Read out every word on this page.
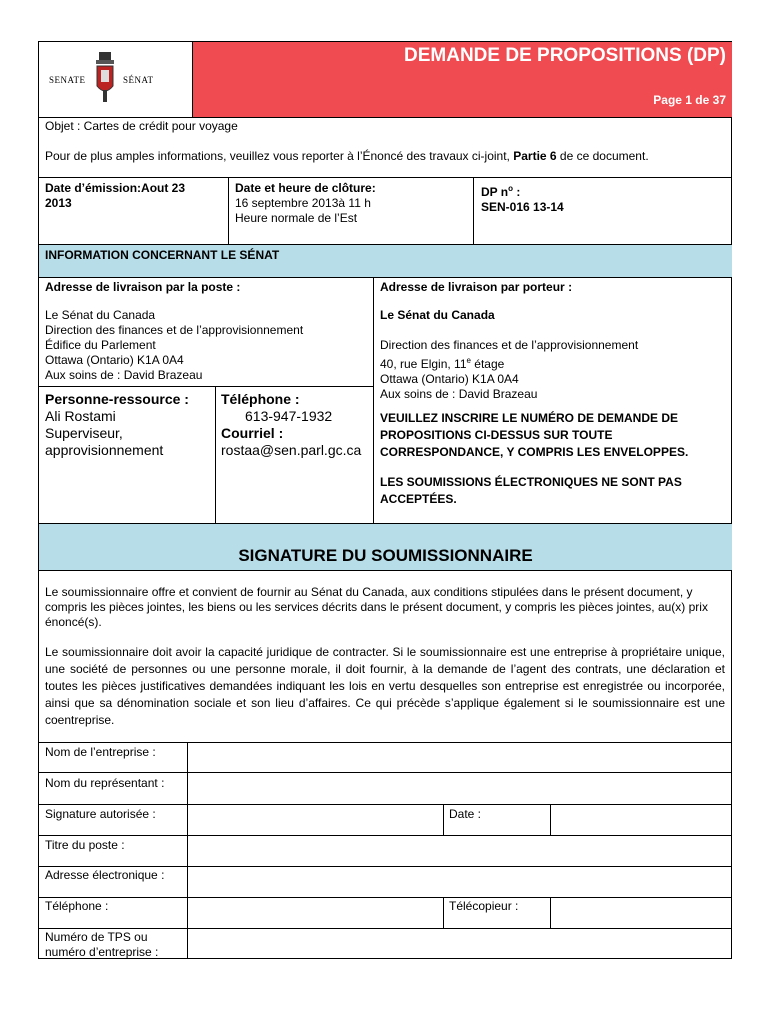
SENATE	SÉNAT
DEMANDE DE PROPOSITIONS (DP)
Page 1 de 37
Objet : Cartes de crédit pour voyage
Pour de plus amples informations, veuillez vous reporter à l’Énoncé des travaux ci-joint, Partie 6 de ce document.
Date d’émission:Aout 23
2013
Date et heure de clôture:
16 septembre 2013à 11 h
Heure normale de l’Est
DP $n^o$ :
SEN-016 13-14
INFORMATION CONCERNANT LE SÉNAT
Adresse de livraison par la poste :
Le Sénat du Canada
Direction des finances et de l’approvisionnement
Édifice du Parlement
Ottawa (Ontario) K1A 0A4
Aux soins de : David Brazeau
Personne-ressource :
Ali Rostami
Superviseur,
approvisionnement
Téléphone :
613-947-1932
Courriel :
rostaa@sen.parl.gc.ca
Adresse de livraison par porteur :
Le Sénat du Canada
Direction des finances et de l’approvisionnement
40, rue Elgin, 11e étage
Ottawa (Ontario) K1A 0A4
Aux soins de : David Brazeau
VEUILLEZ INSCRIRE LE NUMÉRO DE DEMANDE DE PROPOSITIONS CI-DESSUS SUR TOUTE CORRESPONDANCE, Y COMPRIS LES ENVELOPPES.
LES SOUMISSIONS ÉLECTRONIQUES NE SONT PAS ACCEPTÉES.
SIGNATURE DU SOUMISSIONNAIRE
Le soumissionnaire offre et convient de fournir au Sénat du Canada, aux conditions stipulées dans le présent document, y compris les pièces jointes, les biens ou les services décrits dans le présent document, y compris les pièces jointes, au(x) prix énoncé(s).
Le soumissionnaire doit avoir la capacité juridique de contracter. Si le soumissionnaire est une entreprise à propriétaire unique, une société de personnes ou une personne morale, il doit fournir, à la demande de l’agent des contrats, une déclaration et toutes les pièces justificatives demandées indiquant les lois en vertu desquelles son entreprise est enregistrée ou incorporée, ainsi que sa dénomination sociale et son lieu d’affaires. Ce qui précède s’applique également si le soumissionnaire est une coentreprise.
Nom de l’entreprise :
Nom du représentant :
Signature autorisée :	Date :
Titre du poste :
Adresse électronique :
Téléphone :	Télécopieur :
Numéro de TPS ou
numéro d’entreprise :
